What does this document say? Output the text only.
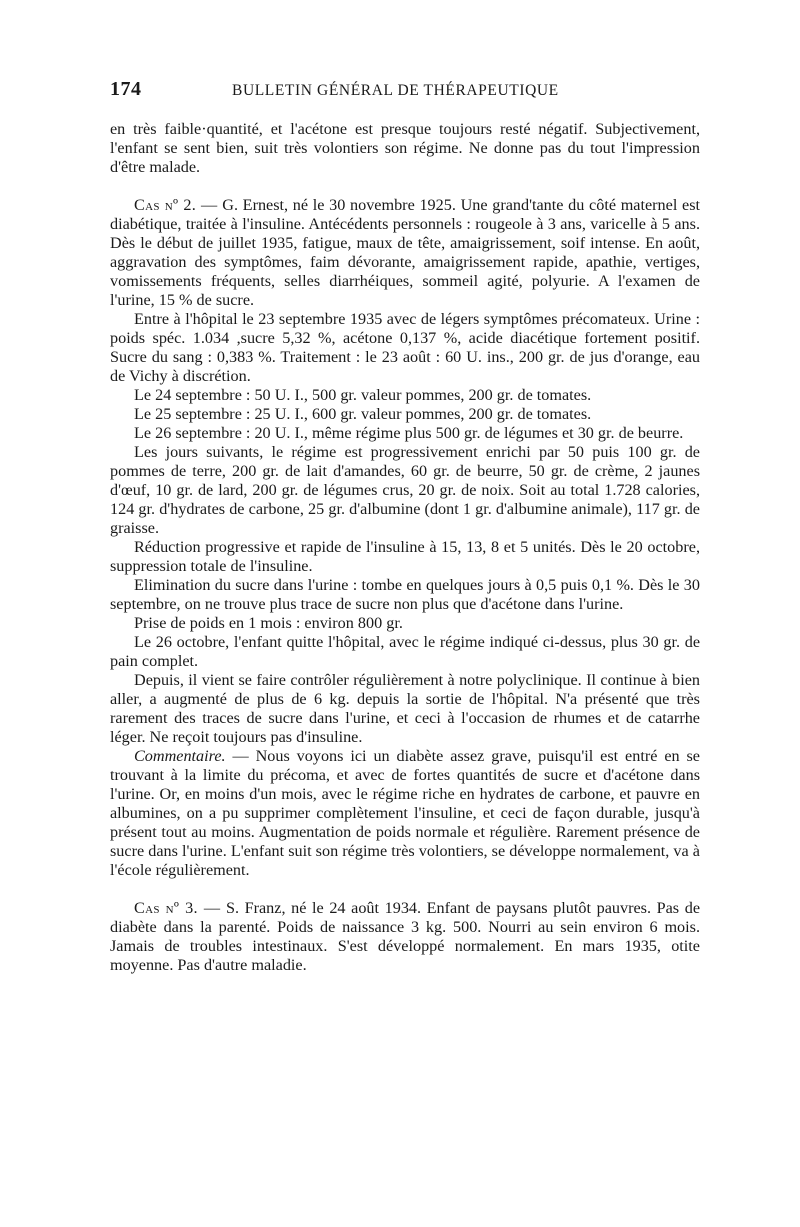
174	BULLETIN GÉNÉRAL DE THÉRAPEUTIQUE

en très faible·quantité, et l'acétone est presque toujours resté négatif. Subjectivement, l'enfant se sent bien, suit très volontiers son régime. Ne donne pas du tout l'impression d'être malade.

Cas nº 2. — G. Ernest, né le 30 novembre 1925. Une grand'tante du côté maternel est diabétique, traitée à l'insuline. Antécédents personnels : rougeole à 3 ans, varicelle à 5 ans. Dès le début de juillet 1935, fatigue, maux de tête, amaigrissement, soif intense. En août, aggravation des symptômes, faim dévorante, amaigrissement rapide, apathie, vertiges, vomissements fréquents, selles diarrhéiques, sommeil agité, polyurie. A l'examen de l'urine, 15 % de sucre.

Entre à l'hôpital le 23 septembre 1935 avec de légers symptômes précomateux. Urine : poids spéc. 1.034 ,sucre 5,32 %, acétone 0,137 %, acide diacétique fortement positif. Sucre du sang : 0,383 %. Traitement : le 23 août : 60 U. ins., 200 gr. de jus d'orange, eau de Vichy à discrétion.

Le 24 septembre : 50 U. I., 500 gr. valeur pommes, 200 gr. de tomates.

Le 25 septembre : 25 U. I., 600 gr. valeur pommes, 200 gr. de tomates.

Le 26 septembre : 20 U. I., même régime plus 500 gr. de légumes et 30 gr. de beurre.

Les jours suivants, le régime est progressivement enrichi par 50 puis 100 gr. de pommes de terre, 200 gr. de lait d'amandes, 60 gr. de beurre, 50 gr. de crème, 2 jaunes d'œuf, 10 gr. de lard, 200 gr. de légumes crus, 20 gr. de noix. Soit au total 1.728 calories, 124 gr. d'hydrates de carbone, 25 gr. d'albumine (dont 1 gr. d'albumine animale), 117 gr. de graisse.

Réduction progressive et rapide de l'insuline à 15, 13, 8 et 5 unités. Dès le 20 octobre, suppression totale de l'insuline.

Elimination du sucre dans l'urine : tombe en quelques jours à 0,5 puis 0,1 %. Dès le 30 septembre, on ne trouve plus trace de sucre non plus que d'acétone dans l'urine.

Prise de poids en 1 mois : environ 800 gr.

Le 26 octobre, l'enfant quitte l'hôpital, avec le régime indiqué ci-dessus, plus 30 gr. de pain complet.

Depuis, il vient se faire contrôler régulièrement à notre polyclinique. Il continue à bien aller, a augmenté de plus de 6 kg. depuis la sortie de l'hôpital. N'a présenté que très rarement des traces de sucre dans l'urine, et ceci à l'occasion de rhumes et de catarrhe léger. Ne reçoit toujours pas d'insuline.

Commentaire. — Nous voyons ici un diabète assez grave, puisqu'il est entré en se trouvant à la limite du précoma, et avec de fortes quantités de sucre et d'acétone dans l'urine. Or, en moins d'un mois, avec le régime riche en hydrates de carbone, et pauvre en albumines, on a pu supprimer complètement l'insuline, et ceci de façon durable, jusqu'à présent tout au moins. Augmentation de poids normale et régulière. Rarement présence de sucre dans l'urine. L'enfant suit son régime très volontiers, se développe normalement, va à l'école régulièrement.

Cas nº 3. — S. Franz, né le 24 août 1934. Enfant de paysans plutôt pauvres. Pas de diabète dans la parenté. Poids de naissance 3 kg. 500. Nourri au sein environ 6 mois. Jamais de troubles intestinaux. S'est développé normalement. En mars 1935, otite moyenne. Pas d'autre maladie.
